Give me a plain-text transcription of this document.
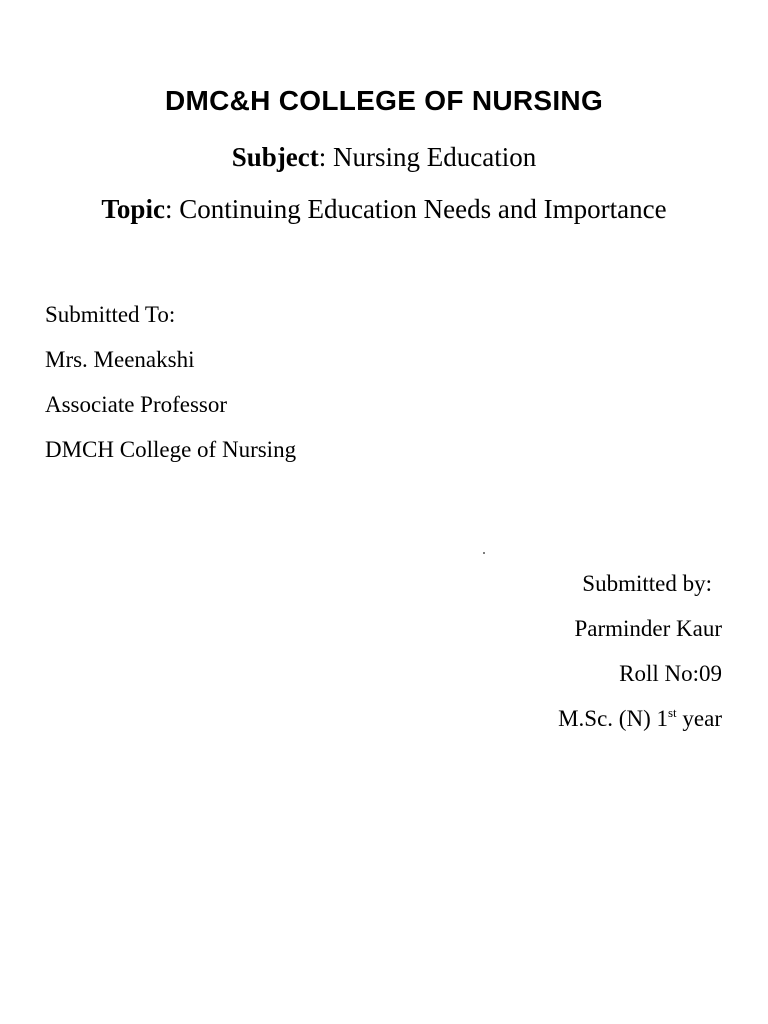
DMC&H COLLEGE OF NURSING
Subject: Nursing Education
Topic: Continuing Education Needs and Importance
Submitted To:
Mrs. Meenakshi
Associate Professor
DMCH College of Nursing
Submitted by:
Parminder Kaur
Roll No:09
M.Sc. (N) 1st year
